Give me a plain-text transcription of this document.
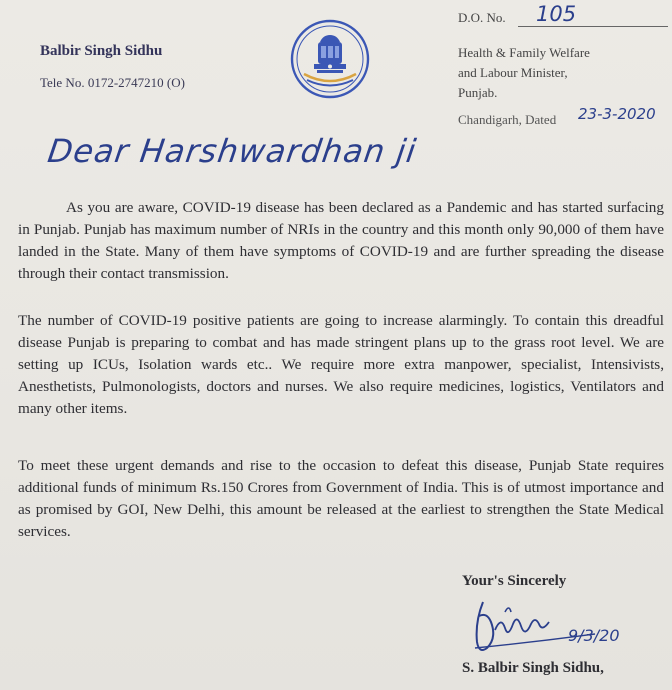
Balbir Singh Sidhu
Tele No. 0172-2747210 (O)
D.O. No. 105
Health & Family Welfare
and Labour Minister,
Punjab.
Chandigarh, Dated 23-3-2020
Dear Harshwardhan ji
As you are aware, COVID-19 disease has been declared as a Pandemic and has started surfacing in Punjab. Punjab has maximum number of NRIs in the country and this month only 90,000 of them have landed in the State. Many of them have symptoms of COVID-19 and are further spreading the disease through their contact transmission.
The number of COVID-19 positive patients are going to increase alarmingly. To contain this dreadful disease Punjab is preparing to combat and has made stringent plans up to the grass root level. We are setting up ICUs, Isolation wards etc.. We require more extra manpower, specialist, Intensivists, Anesthetists, Pulmonologists, doctors and nurses. We also require medicines, logistics, Ventilators and many other items.
To meet these urgent demands and rise to the occasion to defeat this disease, Punjab State requires additional funds of minimum Rs.150 Crores from Government of India. This is of utmost importance and as promised by GOI, New Delhi, this amount be released at the earliest to strengthen the State Medical services.
Your's Sincerely
9/3/20
S. Balbir Singh Sidhu,
